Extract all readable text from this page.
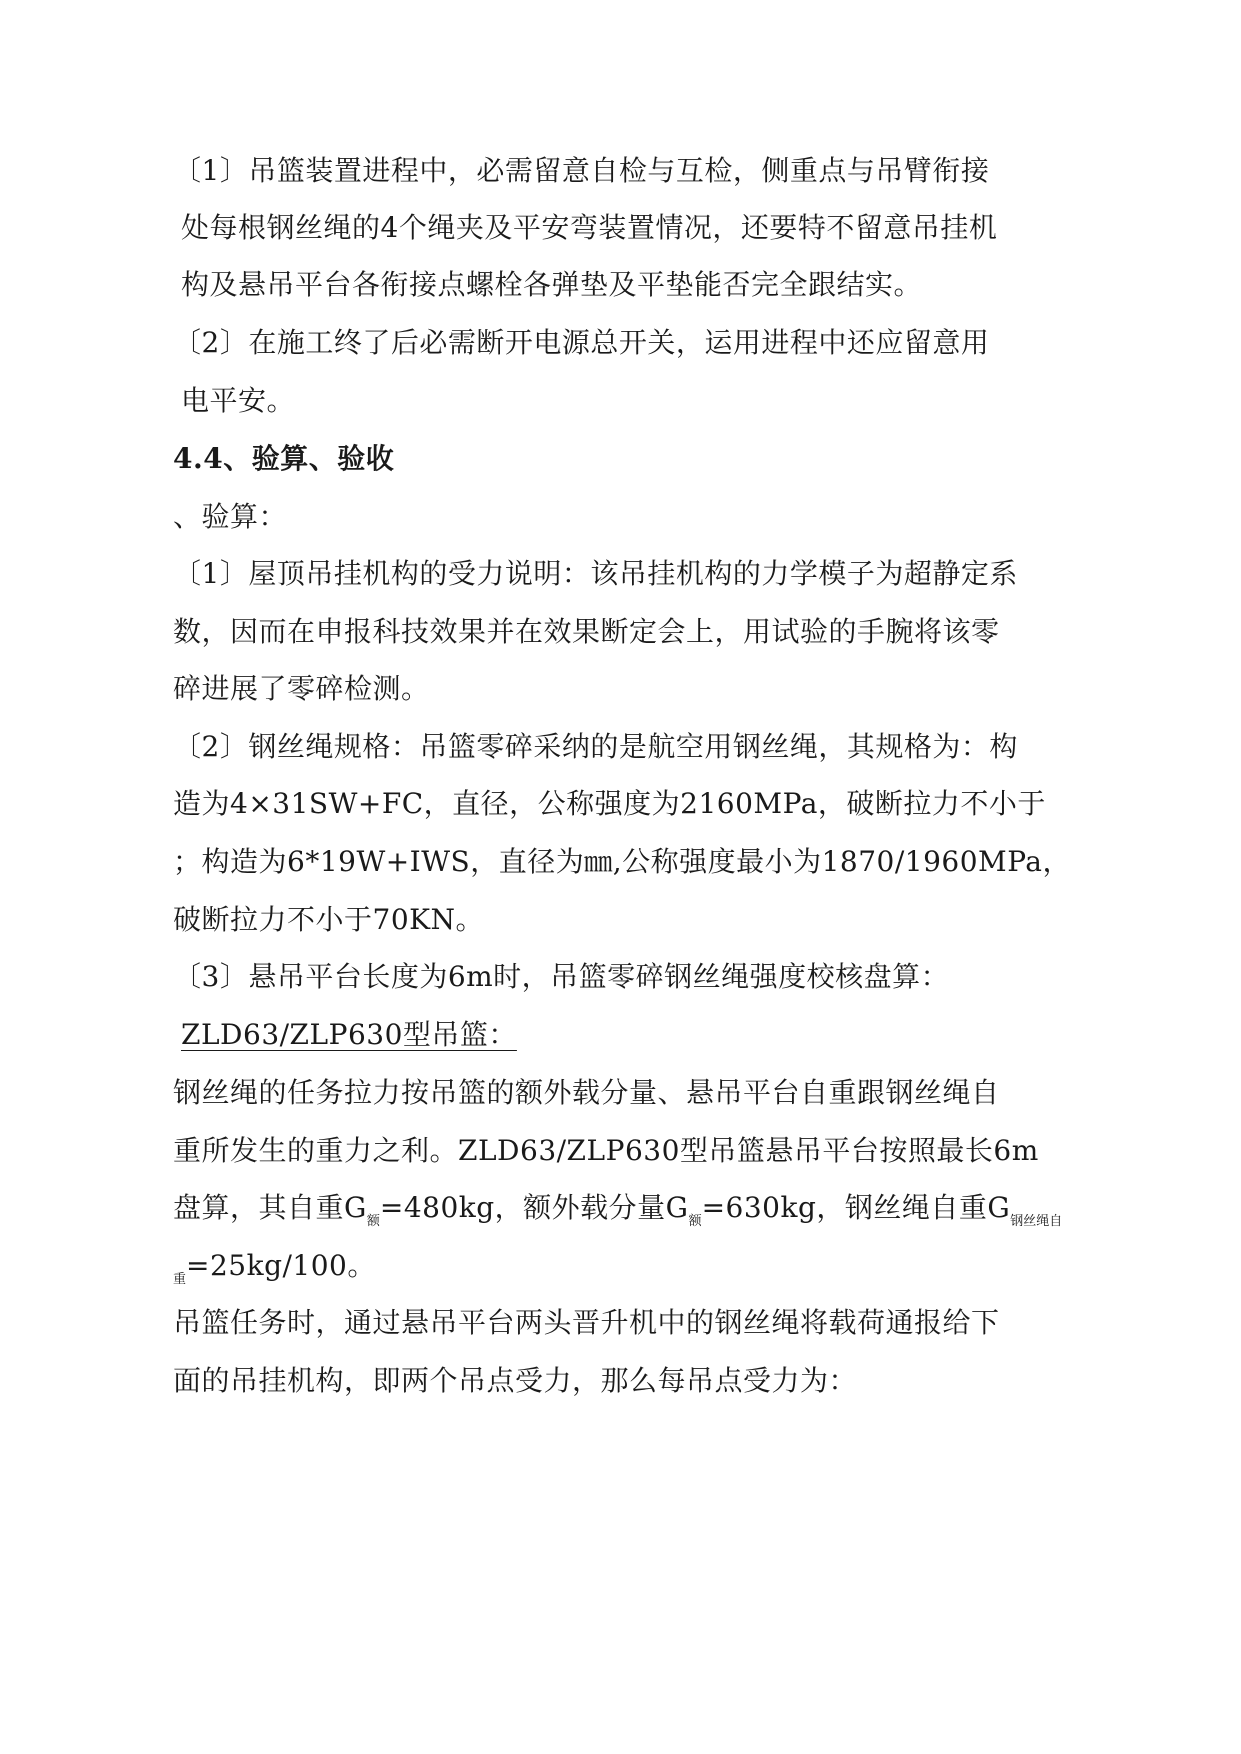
〔1〕吊篮装置进程中，必需留意自检与互检，侧重点与吊臂衔接
处每根钢丝绳的4个绳夹及平安弯装置情况，还要特不留意吊挂机
构及悬吊平台各衔接点螺栓各弹垫及平垫能否完全跟结实。
〔2〕在施工终了后必需断开电源总开关，运用进程中还应留意用
电平安。
4.4、验算、验收
、验算：
〔1〕屋顶吊挂机构的受力说明：该吊挂机构的力学模子为超静定系
数，因而在申报科技效果并在效果断定会上，用试验的手腕将该零
碎进展了零碎检测。
〔2〕钢丝绳规格：吊篮零碎采纳的是航空用钢丝绳，其规格为：构
造为4×31SW+FC，直径，公称强度为2160MPa，破断拉力不小于
；构造为6*19W+IWS，直径为㎜,公称强度最小为1870/1960MPa，
破断拉力不小于70KN。
〔3〕悬吊平台长度为6m时，吊篮零碎钢丝绳强度校核盘算：
ZLD63/ZLP630型吊篮：
钢丝绳的任务拉力按吊篮的额外载分量、悬吊平台自重跟钢丝绳自
重所发生的重力之利。ZLD63/ZLP630型吊篮悬吊平台按照最长6m
盘算，其自重$G_额=480kg$，额外载分量$G_额=630kg$，钢丝绳自重$G_{钢丝绳自}$
$_重$=25kg/100。
吊篮任务时，通过悬吊平台两头晋升机中的钢丝绳将载荷通报给下
面的吊挂机构，即两个吊点受力，那么每吊点受力为：
